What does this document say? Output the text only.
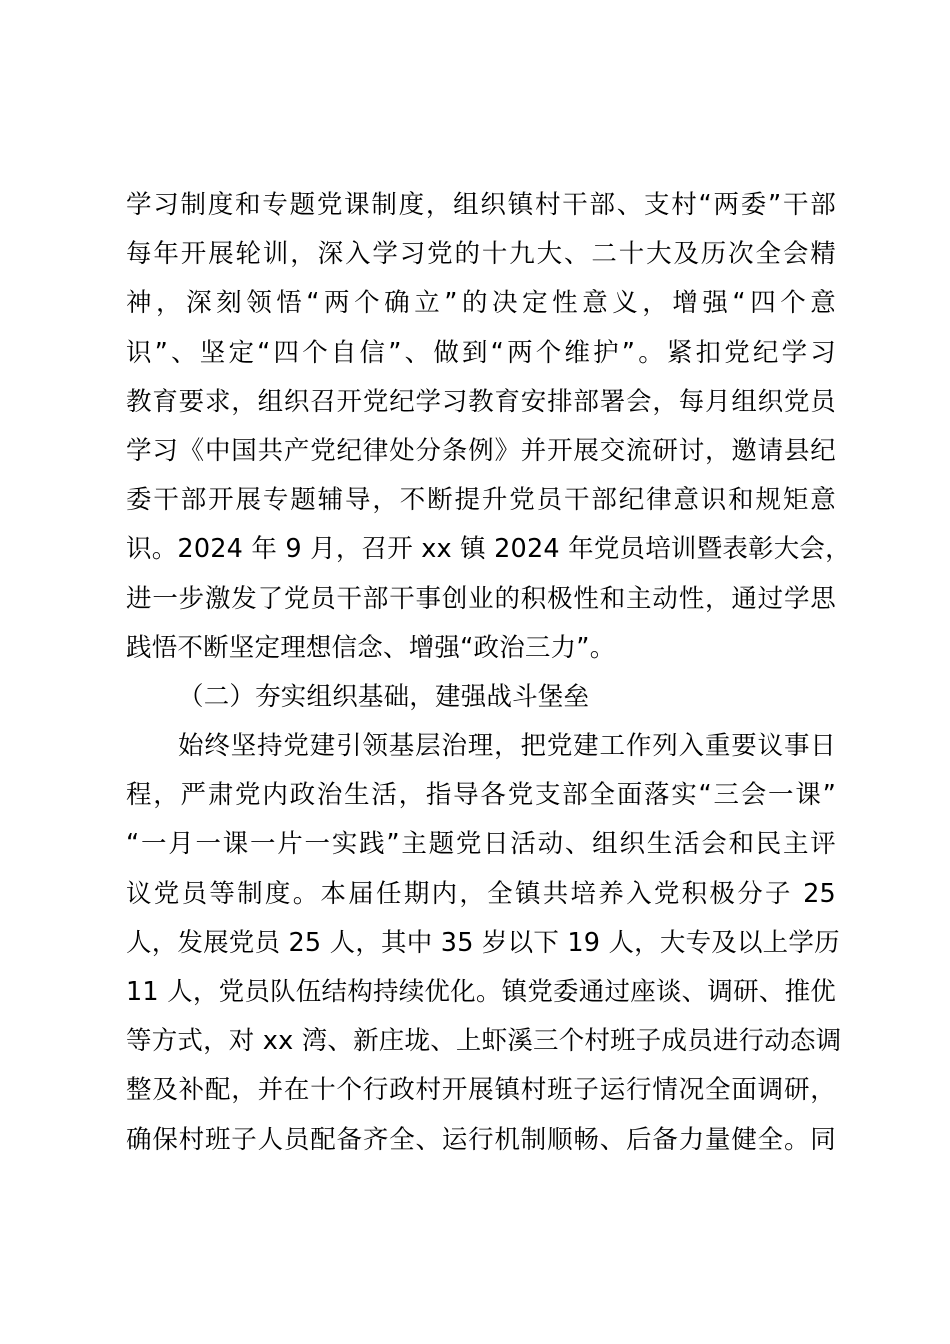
学习制度和专题党课制度，组织镇村干部、支村“两委”干部
每年开展轮训，深入学习党的十九大、二十大及历次全会精
神，深刻领悟“两个确立”的决定性意义，增强“四个意
识”、坚定“四个自信”、做到“两个维护”。紧扣党纪学习
教育要求，组织召开党纪学习教育安排部署会，每月组织党员
学习《中国共产党纪律处分条例》并开展交流研讨，邀请县纪
委干部开展专题辅导，不断提升党员干部纪律意识和规矩意
识。2024 年 9 月，召开 xx 镇 2024 年党员培训暨表彰大会，
进一步激发了党员干部干事创业的积极性和主动性，通过学思
践悟不断坚定理想信念、增强“政治三力”。
（二）夯实组织基础，建强战斗堡垒
始终坚持党建引领基层治理，把党建工作列入重要议事日
程，严肃党内政治生活，指导各党支部全面落实“三会一课”
“一月一课一片一实践”主题党日活动、组织生活会和民主评
议党员等制度。本届任期内，全镇共培养入党积极分子 25
人，发展党员 25 人，其中 35 岁以下 19 人，大专及以上学历
11 人，党员队伍结构持续优化。镇党委通过座谈、调研、推优
等方式，对 xx 湾、新庄垅、上虾溪三个村班子成员进行动态调
整及补配，并在十个行政村开展镇村班子运行情况全面调研，
确保村班子人员配备齐全、运行机制顺畅、后备力量健全。同
